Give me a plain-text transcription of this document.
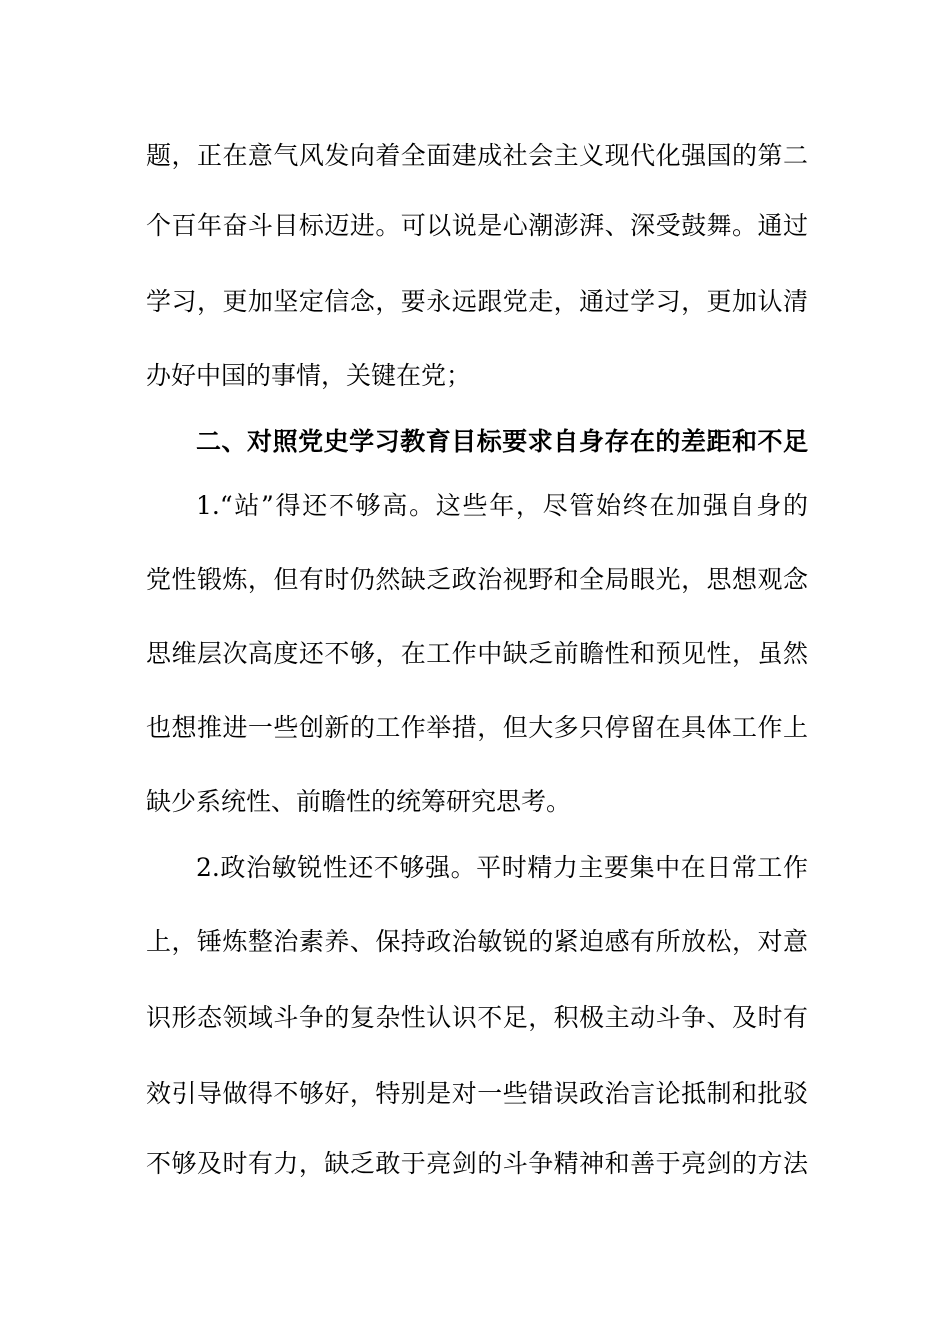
题，正在意气风发向着全面建成社会主义现代化强国的第二
个百年奋斗目标迈进。可以说是心潮澎湃、深受鼓舞。通过
学习，更加坚定信念，要永远跟党走，通过学习，更加认清
办好中国的事情，关键在党；
二、对照党史学习教育目标要求自身存在的差距和不足
1.“站”得还不够高。这些年，尽管始终在加强自身的
党性锻炼，但有时仍然缺乏政治视野和全局眼光，思想观念
思维层次高度还不够，在工作中缺乏前瞻性和预见性，虽然
也想推进一些创新的工作举措，但大多只停留在具体工作上
缺少系统性、前瞻性的统筹研究思考。
2.政治敏锐性还不够强。平时精力主要集中在日常工作
上，锤炼整治素养、保持政治敏锐的紧迫感有所放松，对意
识形态领域斗争的复杂性认识不足，积极主动斗争、及时有
效引导做得不够好，特别是对一些错误政治言论抵制和批驳
不够及时有力，缺乏敢于亮剑的斗争精神和善于亮剑的方法
